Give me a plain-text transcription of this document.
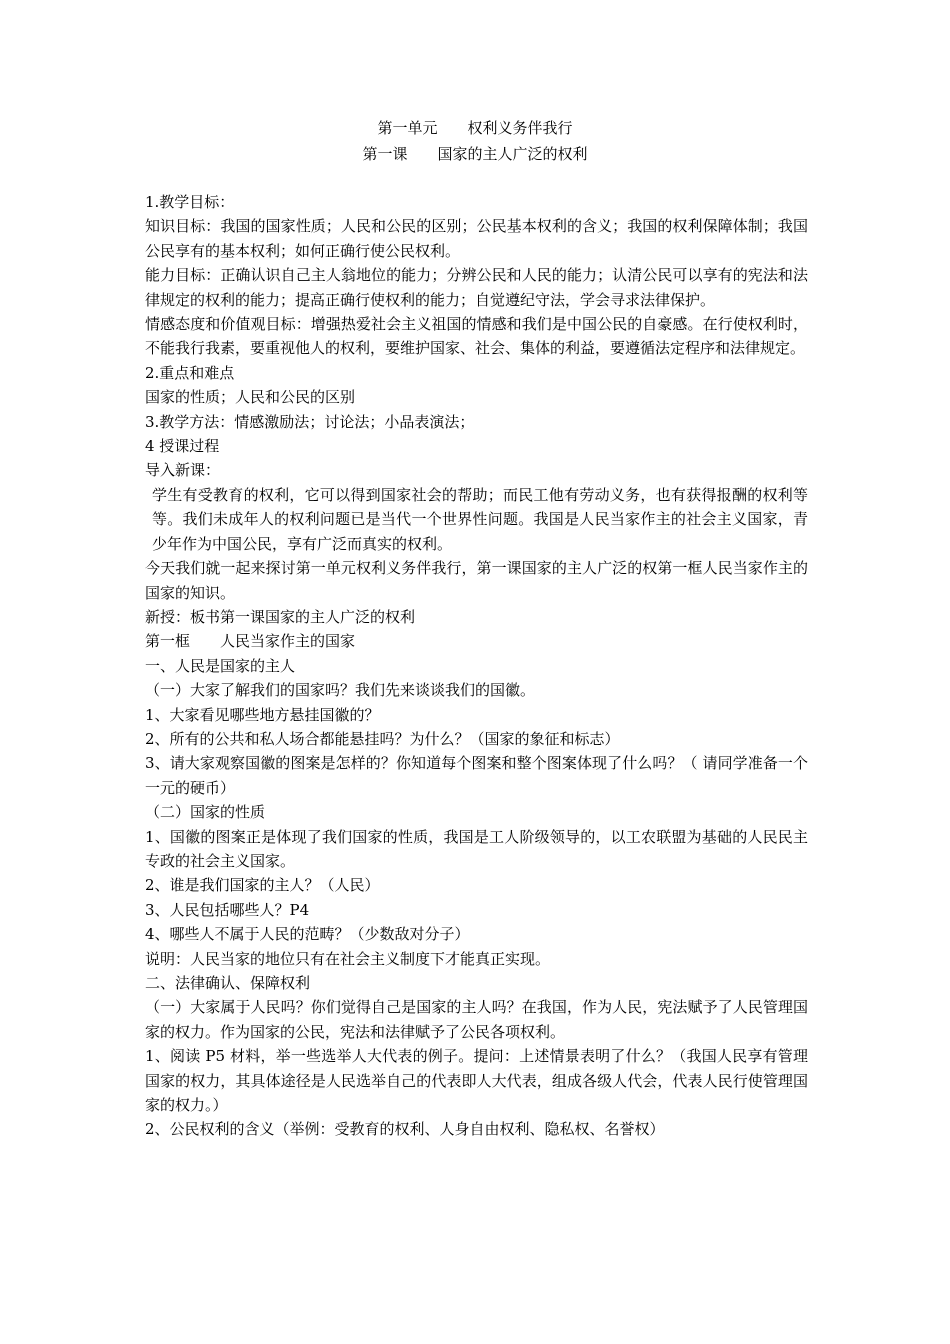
第一单元　　权利义务伴我行
第一课　　国家的主人广泛的权利

1.教学目标：

知识目标：我国的国家性质；人民和公民的区别；公民基本权利的含义；我国的权利保障体制；我国公民享有的基本权利；如何正确行使公民权利。

能力目标：正确认识自己主人翁地位的能力；分辨公民和人民的能力；认清公民可以享有的宪法和法律规定的权利的能力；提高正确行使权利的能力；自觉遵纪守法，学会寻求法律保护。

情感态度和价值观目标：增强热爱社会主义祖国的情感和我们是中国公民的自豪感。在行使权利时，不能我行我素，要重视他人的权利，要维护国家、社会、集体的利益，要遵循法定程序和法律规定。

2.重点和难点

国家的性质；人民和公民的区别

3.教学方法：情感激励法；讨论法；小品表演法；

4 授课过程

导入新课：

学生有受教育的权利，它可以得到国家社会的帮助；而民工他有劳动义务，也有获得报酬的权利等等。我们未成年人的权利问题已是当代一个世界性问题。我国是人民当家作主的社会主义国家，青少年作为中国公民，享有广泛而真实的权利。

今天我们就一起来探讨第一单元权利义务伴我行，第一课国家的主人广泛的权第一框人民当家作主的国家的知识。

新授：板书第一课国家的主人广泛的权利

第一框　　人民当家作主的国家

一、人民是国家的主人

（一）大家了解我们的国家吗？我们先来谈谈我们的国徽。

1、大家看见哪些地方悬挂国徽的？

2、所有的公共和私人场合都能悬挂吗？为什么？（国家的象征和标志）

3、请大家观察国徽的图案是怎样的？你知道每个图案和整个图案体现了什么吗？（ 请同学准备一个一元的硬币）

（二）国家的性质

1、国徽的图案正是体现了我们国家的性质，我国是工人阶级领导的，以工农联盟为基础的人民民主专政的社会主义国家。

2、谁是我们国家的主人？（人民）

3、人民包括哪些人？P4

4、哪些人不属于人民的范畴？（少数敌对分子）

说明：人民当家的地位只有在社会主义制度下才能真正实现。

二、法律确认、保障权利

（一）大家属于人民吗？你们觉得自己是国家的主人吗？在我国，作为人民，宪法赋予了人民管理国家的权力。作为国家的公民，宪法和法律赋予了公民各项权利。

1、阅读 P5 材料，举一些选举人大代表的例子。提问：上述情景表明了什么？（我国人民享有管理国家的权力，其具体途径是人民选举自己的代表即人大代表，组成各级人代会，代表人民行使管理国家的权力。）

2、公民权利的含义（举例：受教育的权利、人身自由权利、隐私权、名誉权）
